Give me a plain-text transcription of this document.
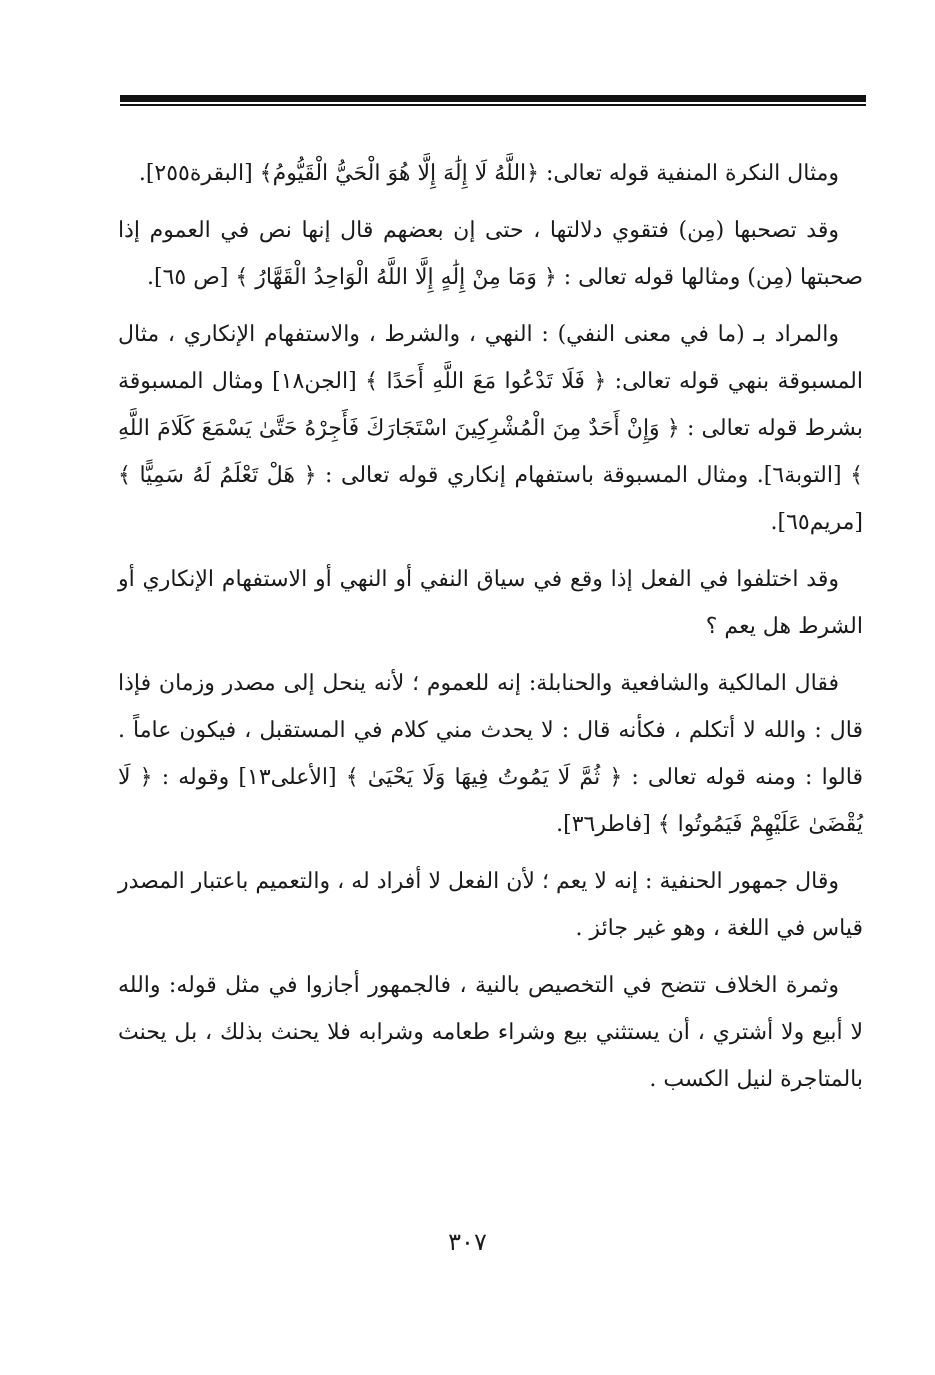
ومثال النكرة المنفية قوله تعالى: ﴿اللَّهُ لَا إِلَٰهَ إِلَّا هُوَ الْحَيُّ الْقَيُّومُ﴾ [البقرة٢٥٥].

وقد تصحبها (مِن) فتقوي دلالتها ، حتى إن بعضهم قال إنها نص في العموم إذا صحبتها (مِن) ومثالها قوله تعالى : ﴿ وَمَا مِنْ إِلَٰهٍ إِلَّا اللَّهُ الْوَاحِدُ الْقَهَّارُ ﴾ [ص ٦٥].

والمراد بـ (ما في معنى النفي) : النهي ، والشرط ، والاستفهام الإنكاري ، مثال المسبوقة بنهي قوله تعالى: ﴿ فَلَا تَدْعُوا مَعَ اللَّهِ أَحَدًا ﴾ [الجن١٨] ومثال المسبوقة بشرط قوله تعالى : ﴿ وَإِنْ أَحَدٌ مِنَ الْمُشْرِكِينَ اسْتَجَارَكَ فَأَجِرْهُ حَتَّىٰ يَسْمَعَ كَلَامَ اللَّهِ ﴾ [التوبة٦]. ومثال المسبوقة باستفهام إنكاري قوله تعالى : ﴿ هَلْ تَعْلَمُ لَهُ سَمِيًّا ﴾ [مريم٦٥].

وقد اختلفوا في الفعل إذا وقع في سياق النفي أو النهي أو الاستفهام الإنكاري أو الشرط هل يعم ؟

فقال المالكية والشافعية والحنابلة: إنه للعموم ؛ لأنه ينحل إلى مصدر وزمان فإذا قال : والله لا أتكلم ، فكأنه قال : لا يحدث مني كلام في المستقبل ، فيكون عاماً . قالوا : ومنه قوله تعالى : ﴿ ثُمَّ لَا يَمُوتُ فِيهَا وَلَا يَحْيَىٰ ﴾ [الأعلى١٣] وقوله : ﴿ لَا يُقْضَىٰ عَلَيْهِمْ فَيَمُوتُوا ﴾ [فاطر٣٦].

وقال جمهور الحنفية : إنه لا يعم ؛ لأن الفعل لا أفراد له ، والتعميم باعتبار المصدر قياس في اللغة ، وهو غير جائز .

وثمرة الخلاف تتضح في التخصيص بالنية ، فالجمهور أجازوا في مثل قوله: والله لا أبيع ولا أشتري ، أن يستثني بيع وشراء طعامه وشرابه فلا يحنث بذلك ، بل يحنث بالمتاجرة لنيل الكسب .

٣٠٧
